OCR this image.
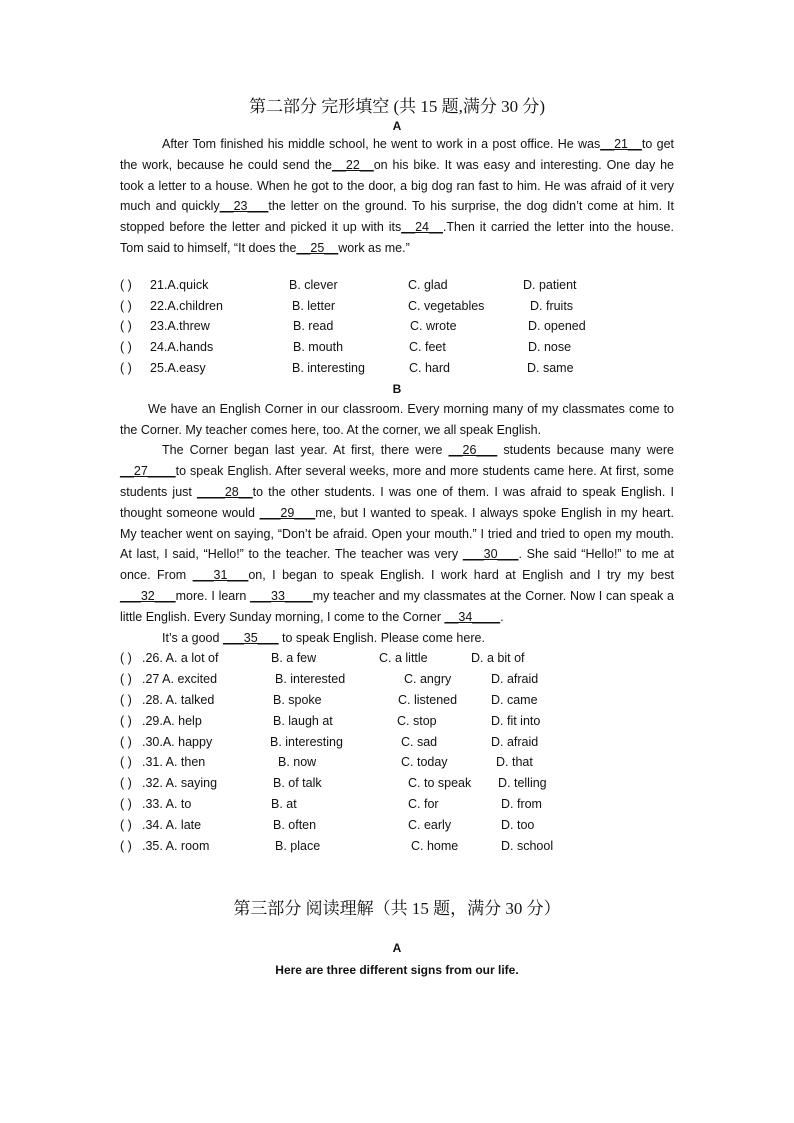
第二部分 完形填空 (共 15 题,满分 30 分)
A

After Tom finished his middle school, he went to work in a post office. He was__21__to get the work, because he could send the__22__on his bike. It was easy and interesting. One day he took a letter to a house. When he got to the door, a big dog ran fast to him. He was afraid of it very much and quickly__23___the letter on the ground. To his surprise, the dog didn’t come at him. It stopped before the letter and picked it up with its__24__.Then it carried the letter into the house. Tom said to himself, “It does the__25__work as me.”

( ) 21.A.quick	B. clever	C. glad	D. patient
( ) 22.A.children	B. letter	C. vegetables	D. fruits
( ) 23.A.threw	B. read	C. wrote	D. opened
( ) 24.A.hands	B. mouth	C. feet	D. nose
( ) 25.A.easy	B. interesting	C. hard	D. same
B

We have an English Corner in our classroom. Every morning many of my classmates come to the Corner. My teacher comes here, too. At the corner, we all speak English.

The Corner began last year. At first, there were __26___ students because many were __27____to speak English. After several weeks, more and more students came here. At first, some students just ____28__to the other students. I was one of them. I was afraid to speak English. I thought someone would ___29___me, but I wanted to speak. I always spoke English in my heart. My teacher went on saying, “Don’t be afraid. Open your mouth.” I tried and tried to open my mouth. At last, I said, “Hello!” to the teacher. The teacher was very ___30___. She said “Hello!” to me at once. From ___31___on, I began to speak English. I work hard at English and I try my best ___32___more. I learn ___33____my teacher and my classmates at the Corner. Now I can speak a little English. Every Sunday morning, I come to the Corner __34____.

It’s a good ___35___ to speak English. Please come here.

( ) .26. A. a lot of	B. a few	C. a little	D. a bit of
( ) .27 A. excited	B. interested	C. angry	D. afraid
( ) .28. A. talked	B. spoke	C. listened	D. came
( ) .29.A. help	B. laugh at	C. stop	D. fit into
( ) .30.A. happy	B. interesting	C. sad	D. afraid
( ) .31. A. then	B. now	C. today	D. that
( ) .32. A. saying	B. of talk	C. to speak D. telling
( ) .33. A. to	B. at	C. for	D. from
( ) .34. A. late	B. often	C. early	D. too
( ) .35. A. room	B. place	C. home	D. school
第三部分 阅读理解（共 15 题，满分 30 分）
A
Here are three different signs from our life.
